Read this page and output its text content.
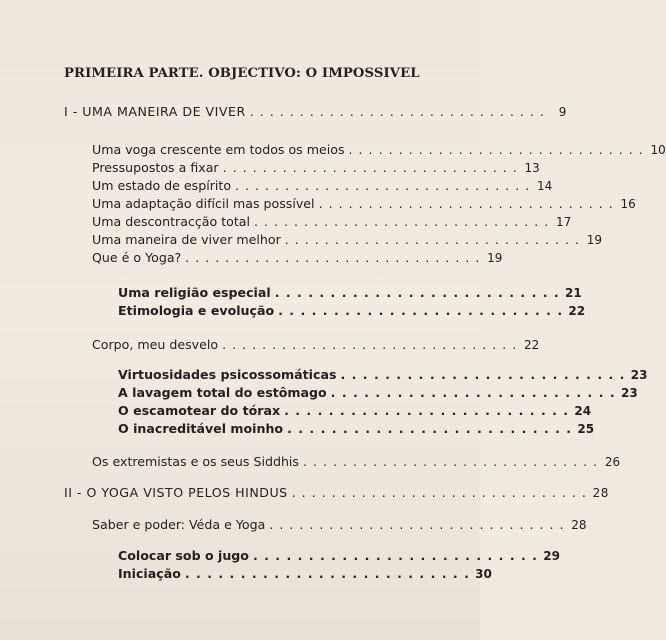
PRIMEIRA PARTE. OBJECTIVO: O IMPOSSIVEL
I - UMA MANEIRA DE VIVER . . . . . . . . . . . . . . . . . . . . . . . . . . . . . .	9
Uma voga crescente em todos os meios . . . . . . . . . . . . . . . . . . . . . . . . . . . . . . 10
Pressupostos a fixar . . . . . . . . . . . . . . . . . . . . . . . . . . . . . . 13
Um estado de espírito . . . . . . . . . . . . . . . . . . . . . . . . . . . . . . 14
Uma adaptação difícil mas possível . . . . . . . . . . . . . . . . . . . . . . . . . . . . . . 16
Uma descontracção total . . . . . . . . . . . . . . . . . . . . . . . . . . . . . . 17
Uma maneira de viver melhor . . . . . . . . . . . . . . . . . . . . . . . . . . . . . . 19
Que é o Yoga? . . . . . . . . . . . . . . . . . . . . . . . . . . . . . . 19
Uma religião especial . . . . . . . . . . . . . . . . . . . . . . . . . . 21
Etimologia e evolução . . . . . . . . . . . . . . . . . . . . . . . . . . 22
Corpo, meu desvelo . . . . . . . . . . . . . . . . . . . . . . . . . . . . . . 22
Virtuosidades psicossomáticas . . . . . . . . . . . . . . . . . . . . . . . . . . 23
A lavagem total do estômago . . . . . . . . . . . . . . . . . . . . . . . . . . 23
O escamotear do tórax . . . . . . . . . . . . . . . . . . . . . . . . . . 24
O inacreditável moinho . . . . . . . . . . . . . . . . . . . . . . . . . . 25
Os extremistas e os seus Siddhis . . . . . . . . . . . . . . . . . . . . . . . . . . . . . . 26
II - O YOGA VISTO PELOS HINDUS . . . . . . . . . . . . . . . . . . . . . . . . . . . . . . 28
Saber e poder: Véda e Yoga . . . . . . . . . . . . . . . . . . . . . . . . . . . . . . 28
Colocar sob o jugo . . . . . . . . . . . . . . . . . . . . . . . . . . 29
Iniciação . . . . . . . . . . . . . . . . . . . . . . . . . . 30
